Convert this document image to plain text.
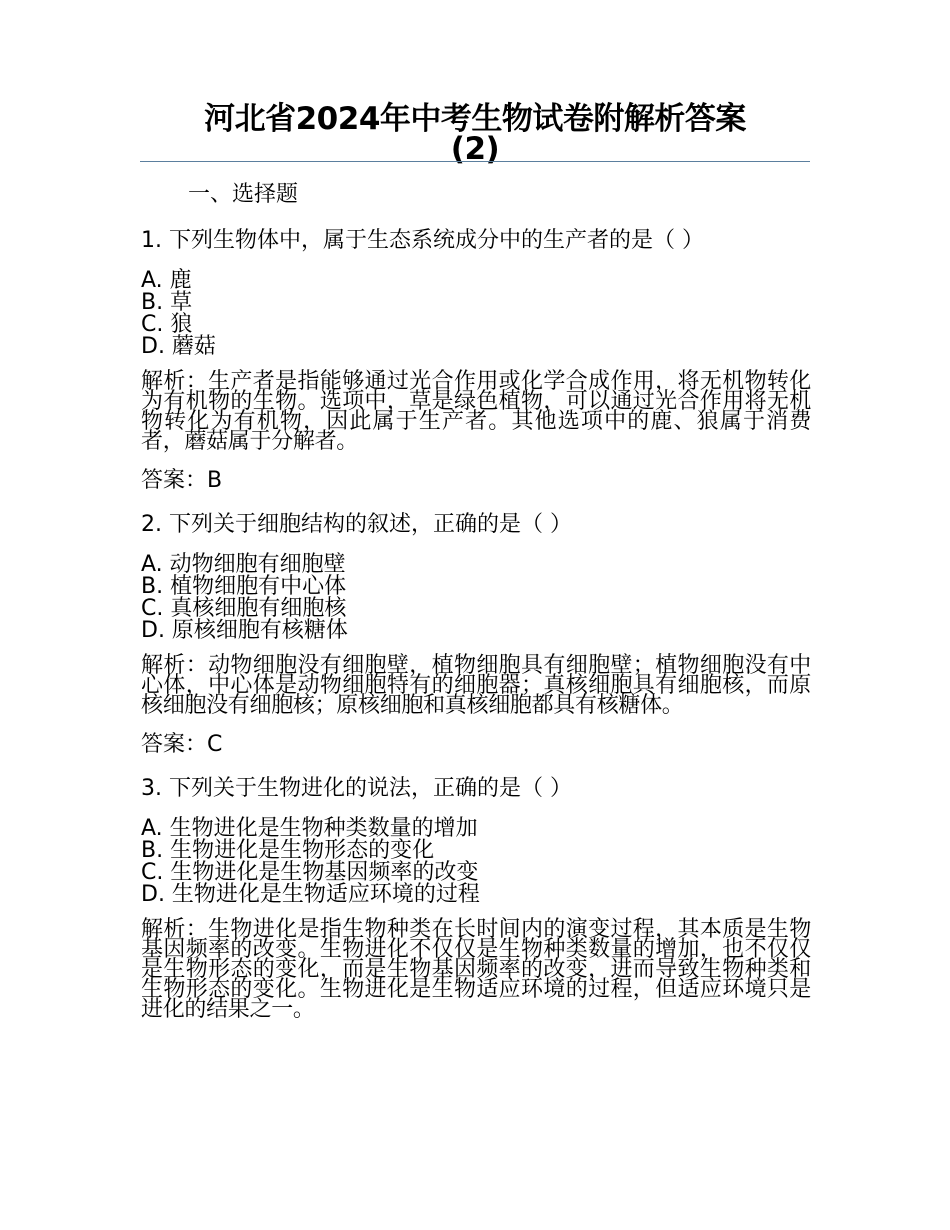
河北省2024年中考生物试卷附解析答案
(2)
一、选择题
1. 下列生物体中，属于生态系统成分中的生产者的是（ ）
A. 鹿
B. 草
C. 狼
D. 蘑菇
解析：生产者是指能够通过光合作用或化学合成作用，将无机物转化为有机物的生物。选项中，草是绿色植物，可以通过光合作用将无机物转化为有机物，因此属于生产者。其他选项中的鹿、狼属于消费者，蘑菇属于分解者。
答案：B
2. 下列关于细胞结构的叙述，正确的是（ ）
A. 动物细胞有细胞壁
B. 植物细胞有中心体
C. 真核细胞有细胞核
D. 原核细胞有核糖体
解析：动物细胞没有细胞壁，植物细胞具有细胞壁；植物细胞没有中心体，中心体是动物细胞特有的细胞器；真核细胞具有细胞核，而原核细胞没有细胞核；原核细胞和真核细胞都具有核糖体。
答案：C
3. 下列关于生物进化的说法，正确的是（ ）
A. 生物进化是生物种类数量的增加
B. 生物进化是生物形态的变化
C. 生物进化是生物基因频率的改变
D. 生物进化是生物适应环境的过程
解析：生物进化是指生物种类在长时间内的演变过程，其本质是生物基因频率的改变。生物进化不仅仅是生物种类数量的增加，也不仅仅是生物形态的变化，而是生物基因频率的改变，进而导致生物种类和生物形态的变化。生物进化是生物适应环境的过程，但适应环境只是进化的结果之一。
